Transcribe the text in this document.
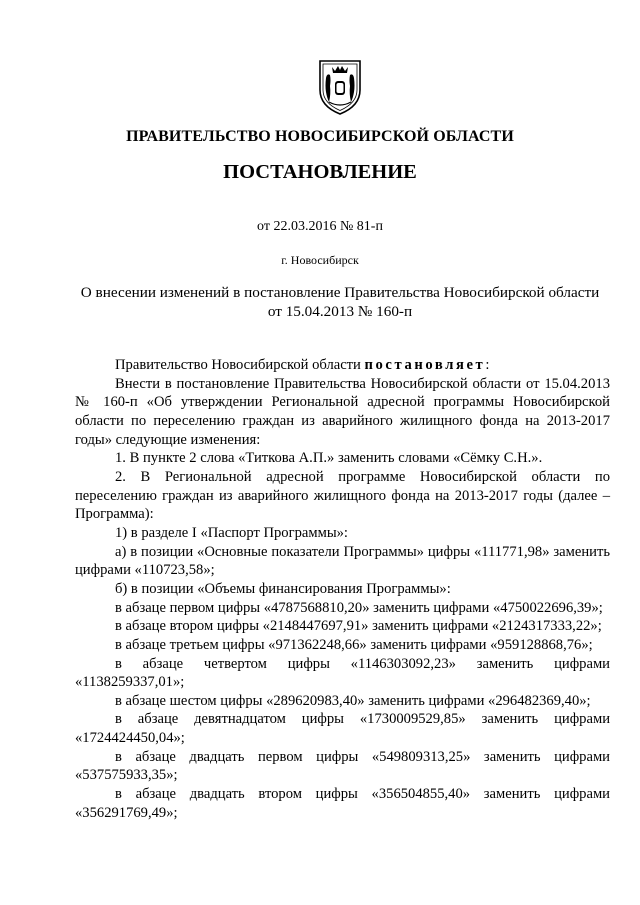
ПРАВИТЕЛЬСТВО НОВОСИБИРСКОЙ ОБЛАСТИ
ПОСТАНОВЛЕНИЕ
от 22.03.2016 № 81-п
г. Новосибирск
О внесении изменений в постановление Правительства Новосибирской области
от 15.04.2013 № 160-п

Правительство Новосибирской области постановляет:

Внести в постановление Правительства Новосибирской области от 15.04.2013 № 160-п «Об утверждении Региональной адресной программы Новосибирской области по переселению граждан из аварийного жилищного фонда на 2013-2017 годы» следующие изменения:

1. В пункте 2 слова «Титкова А.П.» заменить словами «Сёмку С.Н.».

2. В Региональной адресной программе Новосибирской области по переселению граждан из аварийного жилищного фонда на 2013-2017 годы (далее – Программа):

1) в разделе I «Паспорт Программы»:

а) в позиции «Основные показатели Программы» цифры «111771,98» заменить цифрами «110723,58»;

б) в позиции «Объемы финансирования Программы»:

в абзаце первом цифры «4787568810,20» заменить цифрами «4750022696,39»;

в абзаце втором цифры «2148447697,91» заменить цифрами «2124317333,22»;

в абзаце третьем цифры «971362248,66» заменить цифрами «959128868,76»;

в абзаце четвертом цифры «1146303092,23» заменить цифрами «1138259337,01»;

в абзаце шестом цифры «289620983,40» заменить цифрами «296482369,40»;

в абзаце девятнадцатом цифры «1730009529,85» заменить цифрами «1724424450,04»;

в абзаце двадцать первом цифры «549809313,25» заменить цифрами «537575933,35»;

в абзаце двадцать втором цифры «356504855,40» заменить цифрами «356291769,49»;
